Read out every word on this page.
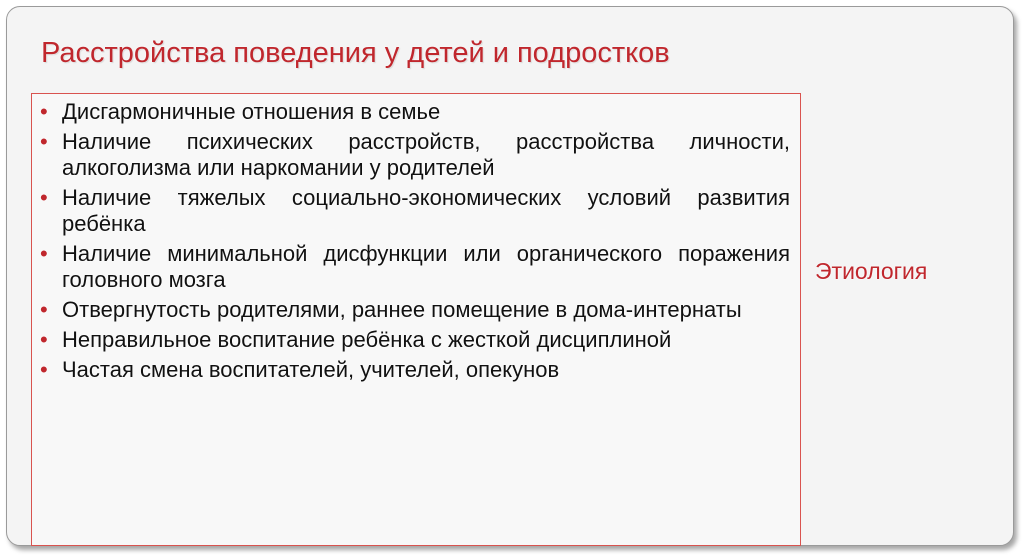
Расстройства поведения у детей и подростков
• Дисгармоничные отношения в семье
• Наличие психических расстройств, расстройства личности, алкоголизма или наркомании у родителей
• Наличие тяжелых социально-экономических условий развития ребёнка
• Наличие минимальной дисфункции или органического поражения головного мозга
• Отвергнутость родителями, раннее помещение в дома-интернаты
• Неправильное воспитание ребёнка с жесткой дисциплиной
• Частая смена воспитателей, учителей, опекунов
Этиология
